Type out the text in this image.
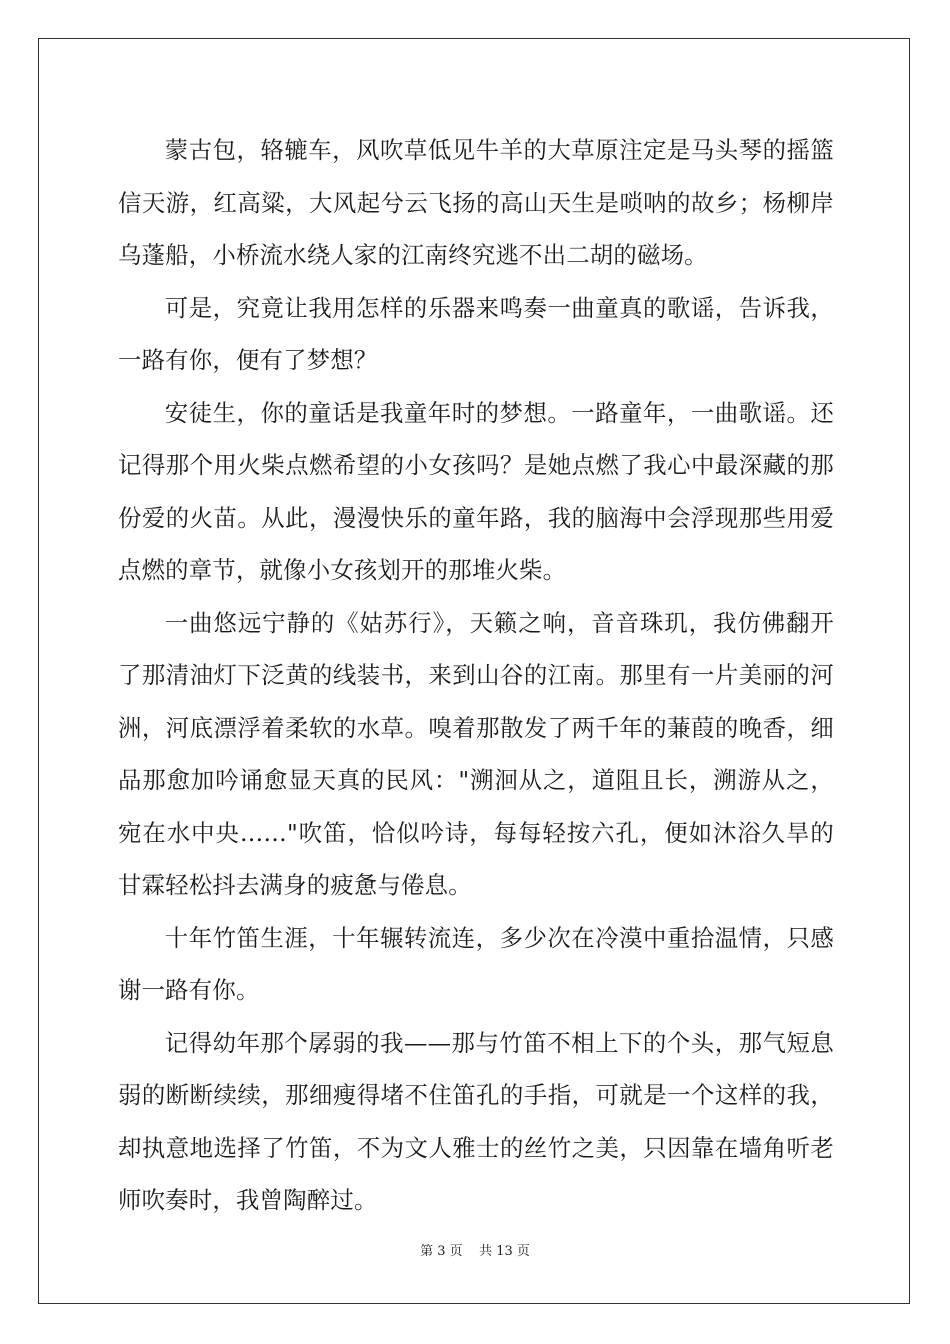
蒙古包，辂辘车，风吹草低见牛羊的大草原注定是马头琴的摇篮信天游，红高粱，大风起兮云飞扬的高山天生是唢呐的故乡；杨柳岸乌蓬船，小桥流水绕人家的江南终究逃不出二胡的磁场。

可是，究竟让我用怎样的乐器来鸣奏一曲童真的歌谣，告诉我，一路有你，便有了梦想？

安徒生，你的童话是我童年时的梦想。一路童年，一曲歌谣。还记得那个用火柴点燃希望的小女孩吗？是她点燃了我心中最深藏的那份爱的火苗。从此，漫漫快乐的童年路，我的脑海中会浮现那些用爱点燃的章节，就像小女孩划开的那堆火柴。

一曲悠远宁静的《姑苏行》，天籁之响，音音珠玑，我仿佛翻开了那清油灯下泛黄的线装书，来到山谷的江南。那里有一片美丽的河洲，河底漂浮着柔软的水草。嗅着那散发了两千年的蒹葭的晚香，细品那愈加吟诵愈显天真的民风："溯洄从之，道阻且长，溯游从之，宛在水中央……"吹笛，恰似吟诗，每每轻按六孔，便如沐浴久旱的甘霖轻松抖去满身的疲惫与倦息。

十年竹笛生涯，十年辗转流连，多少次在冷漠中重拾温情，只感谢一路有你。

记得幼年那个孱弱的我——那与竹笛不相上下的个头，那气短息弱的断断续续，那细瘦得堵不住笛孔的手指，可就是一个这样的我，却执意地选择了竹笛，不为文人雅士的丝竹之美，只因靠在墙角听老师吹奏时，我曾陶醉过。

第 3 页    共 13 页
